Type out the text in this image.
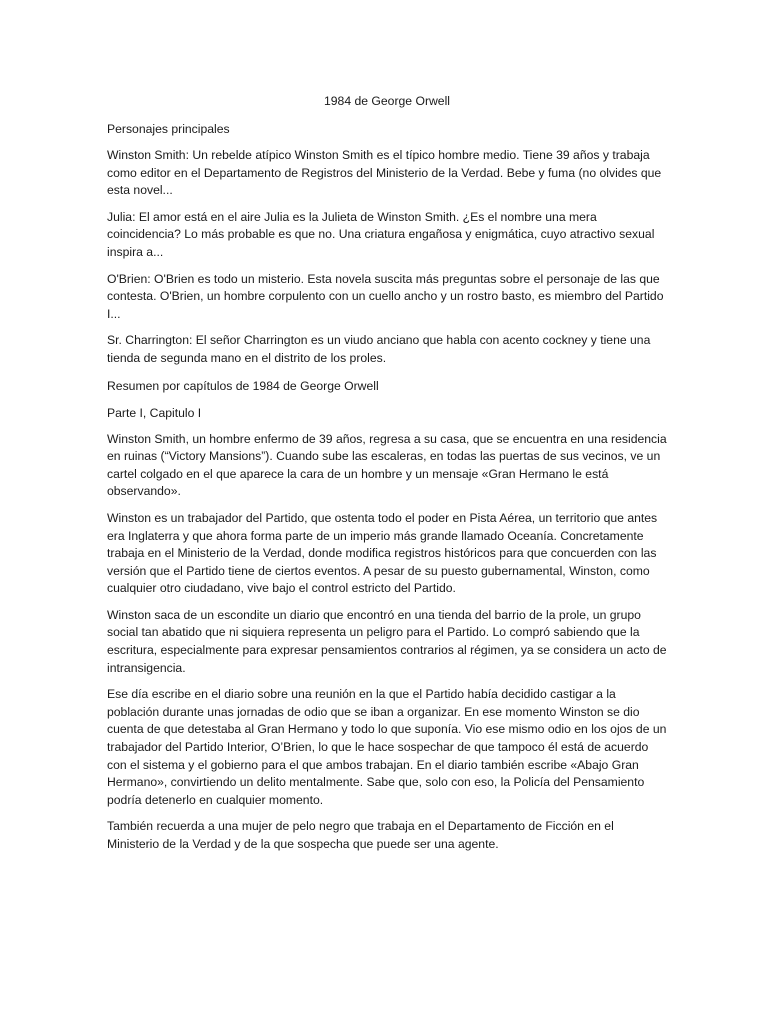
1984 de George Orwell

Personajes principales

Winston Smith: Un rebelde atípico Winston Smith es el típico hombre medio. Tiene 39 años y trabaja como editor en el Departamento de Registros del Ministerio de la Verdad. Bebe y fuma (no olvides que esta novel...

Julia: El amor está en el aire Julia es la Julieta de Winston Smith. ¿Es el nombre una mera coincidencia? Lo más probable es que no. Una criatura engañosa y enigmática, cuyo atractivo sexual inspira a...

O'Brien: O'Brien es todo un misterio. Esta novela suscita más preguntas sobre el personaje de las que contesta. O'Brien, un hombre corpulento con un cuello ancho y un rostro basto, es miembro del Partido I...

Sr. Charrington: El señor Charrington es un viudo anciano que habla con acento cockney y tiene una tienda de segunda mano en el distrito de los proles.

Resumen por capítulos de 1984 de George Orwell

Parte I, Capitulo I

Winston Smith, un hombre enfermo de 39 años, regresa a su casa, que se encuentra en una residencia en ruinas (“Victory Mansions”). Cuando sube las escaleras, en todas las puertas de sus vecinos, ve un cartel colgado en el que aparece la cara de un hombre y un mensaje «Gran Hermano le está observando».

Winston es un trabajador del Partido, que ostenta todo el poder en Pista Aérea, un territorio que antes era Inglaterra y que ahora forma parte de un imperio más grande llamado Oceanía. Concretamente trabaja en el Ministerio de la Verdad, donde modifica registros históricos para que concuerden con las versión que el Partido tiene de ciertos eventos. A pesar de su puesto gubernamental, Winston, como cualquier otro ciudadano, vive bajo el control estricto del Partido.

Winston saca de un escondite un diario que encontró en una tienda del barrio de la prole, un grupo social tan abatido que ni siquiera representa un peligro para el Partido. Lo compró sabiendo que la escritura, especialmente para expresar pensamientos contrarios al régimen, ya se considera un acto de intransigencia.

Ese día escribe en el diario sobre una reunión en la que el Partido había decidido castigar a la población durante unas jornadas de odio que se iban a organizar. En ese momento Winston se dio cuenta de que detestaba al Gran Hermano y todo lo que suponía. Vio ese mismo odio en los ojos de un trabajador del Partido Interior, O’Brien, lo que le hace sospechar de que tampoco él está de acuerdo con el sistema y el gobierno para el que ambos trabajan. En el diario también escribe «Abajo Gran Hermano», convirtiendo un delito mentalmente. Sabe que, solo con eso, la Policía del Pensamiento podría detenerlo en cualquier momento.

También recuerda a una mujer de pelo negro que trabaja en el Departamento de Ficción en el Ministerio de la Verdad y de la que sospecha que puede ser una agente.
